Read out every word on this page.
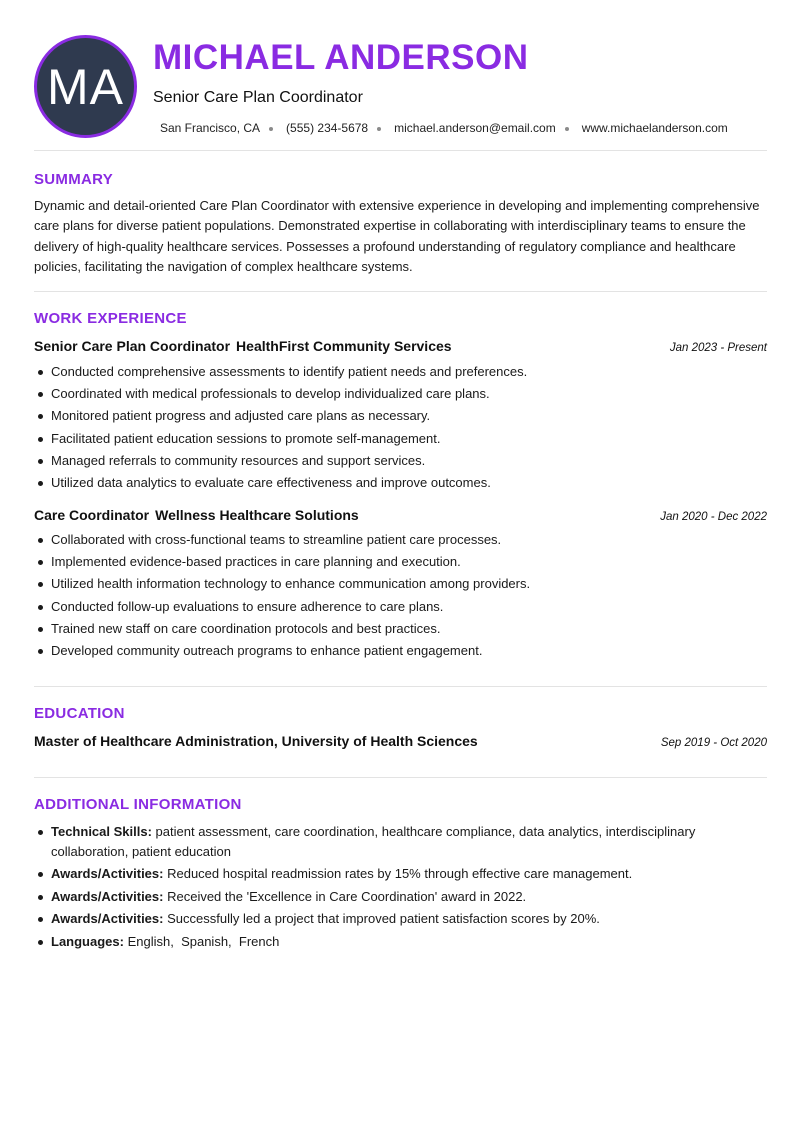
MA
MICHAEL ANDERSON
Senior Care Plan Coordinator
San Francisco, CA (555) 234-5678 michael.anderson@email.com www.michaelanderson.com
SUMMARY

Dynamic and detail-oriented Care Plan Coordinator with extensive experience in developing and implementing comprehensive care plans for diverse patient populations. Demonstrated expertise in collaborating with interdisciplinary teams to ensure the delivery of high-quality healthcare services. Possesses a profound understanding of regulatory compliance and healthcare policies, facilitating the navigation of complex healthcare systems.

WORK EXPERIENCE
Senior Care Plan Coordinator HealthFirst Community Services	Jan 2023 - Present
Conducted comprehensive assessments to identify patient needs and preferences.
Coordinated with medical professionals to develop individualized care plans.
Monitored patient progress and adjusted care plans as necessary.
Facilitated patient education sessions to promote self-management.
Managed referrals to community resources and support services.
Utilized data analytics to evaluate care effectiveness and improve outcomes.
Care Coordinator Wellness Healthcare Solutions	Jan 2020 - Dec 2022
Collaborated with cross-functional teams to streamline patient care processes.
Implemented evidence-based practices in care planning and execution.
Utilized health information technology to enhance communication among providers.
Conducted follow-up evaluations to ensure adherence to care plans.
Trained new staff on care coordination protocols and best practices.
Developed community outreach programs to enhance patient engagement.
EDUCATION
Master of Healthcare Administration, University of Health Sciences	Sep 2019 - Oct 2020
ADDITIONAL INFORMATION
Technical Skills: patient assessment, care coordination, healthcare compliance, data analytics, interdisciplinary collaboration, patient education
Awards/Activities: Reduced hospital readmission rates by 15% through effective care management.
Awards/Activities: Received the 'Excellence in Care Coordination' award in 2022.
Awards/Activities: Successfully led a project that improved patient satisfaction scores by 20%.
Languages: English,  Spanish,  French
